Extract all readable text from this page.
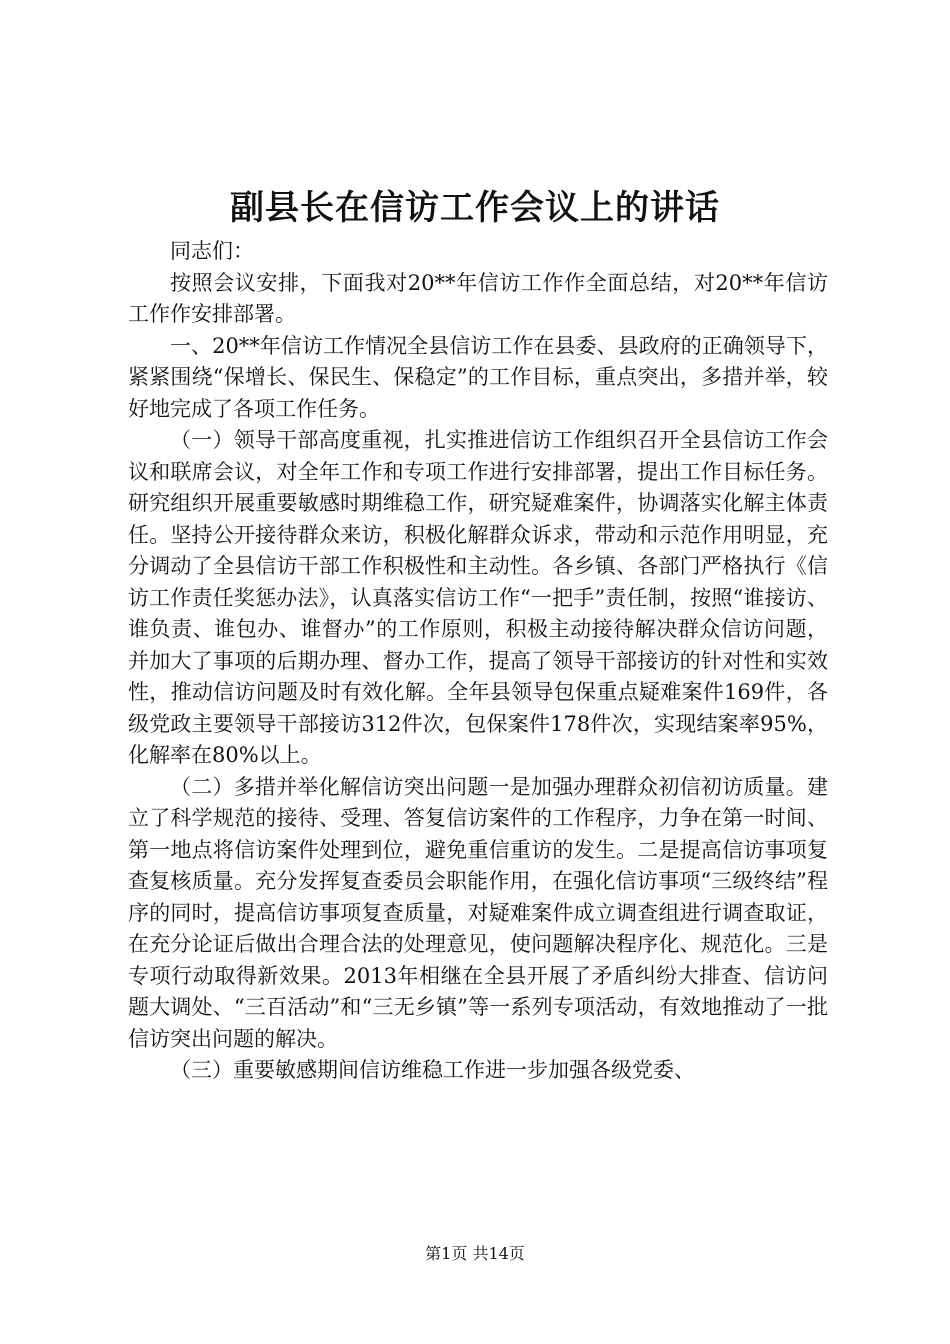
副县长在信访工作会议上的讲话

同志们：

按照会议安排，下面我对20**年信访工作作全面总结，对20**年信访工作作安排部署。

一、20**年信访工作情况全县信访工作在县委、县政府的正确领导下，紧紧围绕“保增长、保民生、保稳定”的工作目标，重点突出，多措并举，较好地完成了各项工作任务。

（一）领导干部高度重视，扎实推进信访工作组织召开全县信访工作会议和联席会议，对全年工作和专项工作进行安排部署，提出工作目标任务。研究组织开展重要敏感时期维稳工作，研究疑难案件，协调落实化解主体责任。坚持公开接待群众来访，积极化解群众诉求，带动和示范作用明显，充分调动了全县信访干部工作积极性和主动性。各乡镇、各部门严格执行《信访工作责任奖惩办法》，认真落实信访工作“一把手”责任制，按照“谁接访、谁负责、谁包办、谁督办”的工作原则，积极主动接待解决群众信访问题，并加大了事项的后期办理、督办工作，提高了领导干部接访的针对性和实效性，推动信访问题及时有效化解。全年县领导包保重点疑难案件169件，各级党政主要领导干部接访312件次，包保案件178件次，实现结案率95%，化解率在80%以上。

（二）多措并举化解信访突出问题一是加强办理群众初信初访质量。建立了科学规范的接待、受理、答复信访案件的工作程序，力争在第一时间、第一地点将信访案件处理到位，避免重信重访的发生。二是提高信访事项复查复核质量。充分发挥复查委员会职能作用，在强化信访事项“三级终结”程序的同时，提高信访事项复查质量，对疑难案件成立调查组进行调查取证，在充分论证后做出合理合法的处理意见，使问题解决程序化、规范化。三是专项行动取得新效果。2013年相继在全县开展了矛盾纠纷大排查、信访问题大调处、“三百活动”和“三无乡镇”等一系列专项活动，有效地推动了一批信访突出问题的解决。

（三）重要敏感期间信访维稳工作进一步加强各级党委、

第1页 共14页
